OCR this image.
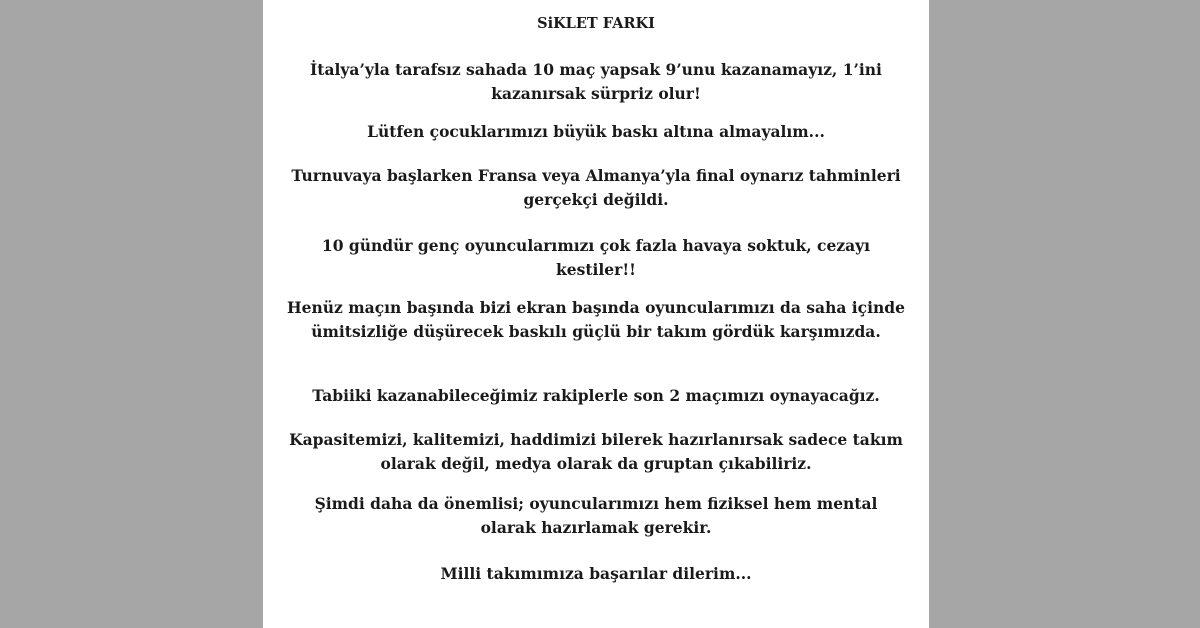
SiKLET FARKI

İtalya’yla tarafsız sahada 10 maç yapsak 9’unu kazanamayız, 1’ini
kazanırsak sürpriz olur!

Lütfen çocuklarımızı büyük baskı altına almayalım...

Turnuvaya başlarken Fransa veya Almanya’yla final oynarız tahminleri
gerçekçi değildi.

10 gündür genç oyuncularımızı çok fazla havaya soktuk, cezayı
kestiler!!

Henüz maçın başında bizi ekran başında oyuncularımızı da saha içinde
ümitsizliğe düşürecek baskılı güçlü bir takım gördük karşımızda.

Tabiiki kazanabileceğimiz rakiplerle son 2 maçımızı oynayacağız.

Kapasitemizi, kalitemizi, haddimizi bilerek hazırlanırsak sadece takım
olarak değil, medya olarak da gruptan çıkabiliriz.

Şimdi daha da önemlisi; oyuncularımızı hem fiziksel hem mental
olarak hazırlamak gerekir.

Milli takımımıza başarılar dilerim...
